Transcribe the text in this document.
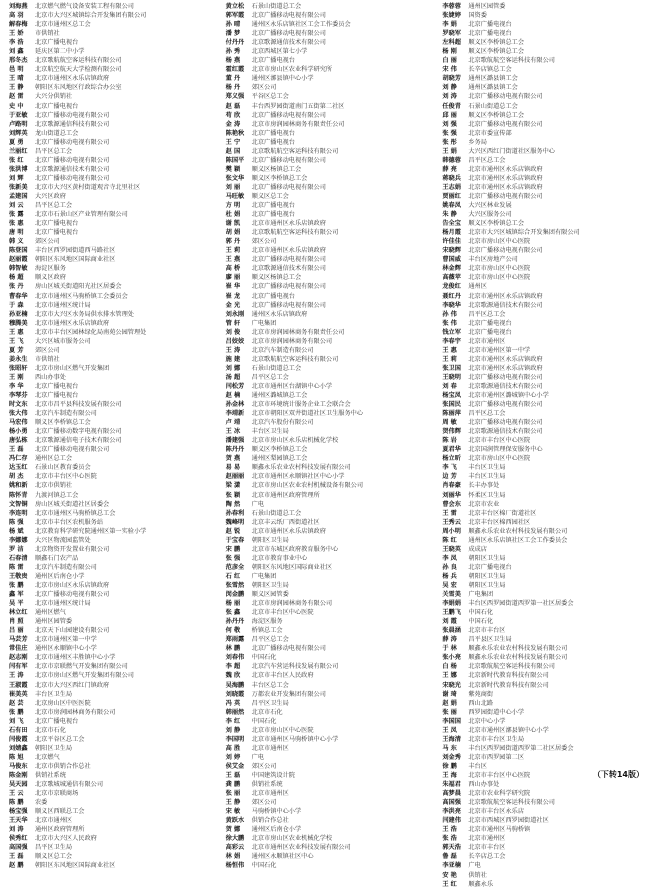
刘海燕	北京燃气燃气设备安装工程有限公司
高 羽	北京市大兴区城镇综合开发集团有限公司
解春梅	北京市通州区总工会
王 娇	市供销社
李 浩	北京广播电视台
刘 鑫	延庆区第二中小学
邢冬杰	北京歌航航空客运科技有限公司
邑 明	北京航空航天大学检测有限公司
王 晴	北京市通州区永乐店镇政府
王 静	朝阳区东风地区行政综合办公室
赵 雷	大兴分供销社
史 中	北京广播电视台
于亚敏	北京广播移动电视有限公司
卢路明	北京歌源通信科技有限公司
刘辉英	龙山街道总工会
夏 勇	北京广播移动电视有限公司
兰丽红	昌平区总工会
张 红	北京广播移动电视有限公司
张洪博	北京歌源通信技术有限公司
刘 辉	北京广播移动电视有限公司
张新美	北京市大兴区黄村街道观音寺北里社区
孟建国	大兴区政府
刘 云	昌平区总工会
张 露	北京市石景山区产业管理有限公司
张 惠	北京广播电视台
唐 明	北京广播电视台
韩 义	郊区公司
陈登国	丰台区西罗园街道西马路社区
赵丽霞	朝阳区东风地区国际商业社区
韩智敏	海淀区服务
杨 超	顺义区政府
张 丹	房山区城关街道阳光社区居委会
曹春华	北京市通州区马驹桥镇工会委员会
于 森	北京市通州区统计局
孙亚楠	北京市大兴区水务局供水排水管理处
穆腾美	北京市通州区永乐店镇政府
王 惠	北京市丰台区园林绿化局南苑公园管理处
王 飞	大兴区城市服务公司
夏 芳	郊区公司
姜永生	市供销社
张昭轩	北京市房山区燃气开发集团
王 刚	西山办事处
李 华	北京广播电视台
李琴芬	北京广播电视台
时文东	北京市昌平县科技发展有限公司
张大伟	北京汽车制造有限公司
马宏伟	顺义区李桥镇总工会
杨小勇	北京广播移动数字电视有限公司
唐弘栋	北京歌源通信电子技术有限公司
王 磊	北京广播移动电视有限公司
冯仁存	通州区总工会
达玉红	石景山区教育委员会
胡 杰	北京市丰台区中心医院
姚和新	北京市供销社
陈怀青	九渡河镇总工会
文智铜	房山区城关街道社区居委会
李连明	北京市通州区马驹桥镇总工会
陈 强	北京市丰台区农机服务站
杨 斌	北京教育科学研究院通州区第一实验小学
李娜娜	大兴区物流园监管处
罗 洁	北京物资开发置业有限公司
石春清	顺鑫石门农产品
陈 雷	北京汽车制造有限公司
王敬贵	通州区后南仓小学
张 鹏	北京市房山区永乐店镇政府
鑫 军	北京广播移动电视有限公司
吴 平	北京市通州区统计局
林立红	通州区燃气
肖 照	通州区园管委
吕 丽	北京天下山园建设有限公司
马芸芳	北京市通州区第一中学
常佳庄	通州区永顺镇中心小学
赵志刚	北京市通州区丰胜镇中心小学
闫有军	北京市京联燃气开发集团有限公司
王 涛	北京市房山区燃气开发集团有限公司
王淑霞	北京市大兴区西红门镇政府
崔美英	丰台区卫生局
赵 芸	北京房山区中医医院
张 鹏	北京市房润园林商务有限公司
刘 飞	北京广播电视台
石有田	北京市石化
闫俊霞	北京平谷区总工会
刘婧鑫	朝阳区卫生局
陈 旭	北京燃气
马俊东	北京市供销合作总社
陈金刚	供销社系统
吴天园	北京歌城城通信有限公司
王 云	北京市京联商场
陈 鹏	农委
杨宝强	顺义区西联总工会
王天华	北京市通州区
刘 涛	通州区政府管理所
侯秀红	北京市大兴区人民政府
高国强	昌平区卫生局
王 磊	顺义区总工会
赵 鹏	朝阳区东风地区国际商业社区
黄立松	石景山街道总工会
郭军霞	北京广播移动电视有限公司
孙 晴	通州区永乐店镇社区工会工作委员会
潘 梦	北京广播移动电视有限公司
付丹丹	北京歌源通信技术有限公司
孙 秀	北京西城区第七小学
杨 燕	北京广播电视台
霍红霞	北京市房山区农业科学研究所
董 丹	通州区漷县镇中心小学
杨 丹	郊区公司
郑义强	平谷区总工会
赵 磊	丰台西罗园街道南门五街第二社区
苟 欣	北京广播移动电视有限公司
金 涛	北京市房润园林商务有限责任公司
陈艳秋	北京广播电视台
王 宁	北京广播电视台
赵 国	北京歌航航空客运科技有限公司
陈国平	北京广播移动电视有限公司
樊 颖	顺义区杨镇总工会
张文华	顺义区李桥镇总工会
刘 丽	北京广播移动电视有限公司
马旺敏	顺义区总工会
方 明	北京广播电视台
杜 娟	北京广播电视台
谢 凯	北京市通州区永乐店镇政府
胡 娟	北京歌航航空客运科技有限公司
郭 丹	郊区公司
王 莉	北京市通州区永乐店镇政府
王 燕	北京广播移动电视有限公司
高 桥	北京歌源通信技术有限公司
廖 丽	顺义区杨镇总工会
崔 华	北京广播移动电视有限公司
崔 龙	北京广播电视台
金 光	北京广播移动电视有限公司
刘永刚	通州区永乐店镇政府
管 轩	广电集团
刘 俊	北京市房润园林商务有限责任公司
吕姣姣	北京市房润园林商务有限公司
王 涛	北京汽车制造有限公司
施 建	北京歌航航空客运科技有限公司
刘 娜	石景山街道总工会
汤 超	昌平区总工会
闫松芳	北京市通州区台湖镇中心小学
赵 楠	通州区潞城镇总工会
孙金林	北京市环境统计服务企业工会联合会
李靖新	北京市朝阳区双井街道社区卫生服务中心
卢 靖	北京汽车股份有限公司
王 冰	丰台区卫生局
潘建强	北京市房山区永乐店机械化学校
陈丹丹	顺义区李桥镇总工会
贺 燕	通州区梨园镇总工会
易 易	顺鑫永乐农业农村科技发展有限公司
赵丽丽	北京市通州区永顺镇社区中心小学
梁 潇	北京市房山区农业农村机械设备有限公司
张 颖	北京市通州区政府管理所
陶 然	广电
孙春利	石景山街道总工会
魏峰明	北京丰云纸厂西街道社区
赵 锐	北京市通州区永乐店镇政府
于宝春	朝阳区卫生局
宋 鹏	北京市东城区政府教育服务中心
张 强	北京市教育事业中心
范彦全	朝阳区东风地区国际商业社区
石 红	广电集团
张雪然	朝阳区卫生局
闵金鹏	顺义区园管委
杨 丽	北京市房润园林商务有限公司
张 鑫	北京市丰台区中心医院
孙丹丹	海淀区服务
何 敬	桥镇总工会
郑雨露	昌平区总工会
林 鹏	北京广播移动电视有限公司
刘春伟	中国石化
李 超	北京汽车营运科技发展有限公司
魏 欣	北京市丰台区人民政府
吴海鹏	丰台区总工会
刘晓霞	万都农业开发集团有限公司
冯 英	昌平区卫生局
韩丽然	北京市石化
李 红	中国石化
刘 静	北京市房山区中心医院
李国明	北京市通州区马驹桥镇中心小学
高 胜	北京市通州区
刘 婷	广电
侯艾金	郊区公司
王 磊	中国建筑设计院
龚 鹏	供销社系统
张 丽	北京市通州区
王 静	郊区公司
宋 敏	马驹桥镇中心小学
黄跃水	供销合作总社
贺 娜	通州区后南仓小学
徐大鹏	北京市房山区农业机械化学校
高彩云	北京市通州区农业科技发展有限公司
林 娟	通州区永顺镇社区中心
杨恒伟	中国石化
李蓉蓉	通州区园管委
张婕婷	国资委
李 娟	北京广播电视台
罗晓军	北京广播电视台
左科超	顺义区李桥镇总工会
杨 刚	顺义区李桥镇总工会
白 丽	北京歌航航空客运科技有限公司
宋 伟	长辛店镇总工会
胡晓芳	通州区潞县镇工会
刘 静	通州区潞县镇工会
刘 涛	北京广播移动电视有限公司
任俊青	石景山街道总工会
邱 丽	顺义区李桥镇总工会
刘 强	北京广播移动电视有限公司
张 强	北京市委宣传部
张 彤	乡务局
王 娟	大兴区西红门街道社区服务中心
韩德蓉	昌平区总工会
薛 亮	北京市通州区永乐店镇政府
蒋晓兵	北京市通州区永乐店镇政府
王志娟	北京市通州区永乐店镇政府
贾丽红	北京广播移动电视有限公司
姚春凤	大兴区林业发展
朱 静	大兴区服务公司
告全宝	顺义区李桥镇总工会
杨月霞	北京市大兴区城镇综合开发集团有限公司
许佳佳	北京市房山区中心医院
宋晓辉	北京广播移动电视有限公司
曹国威	丰台区房地产公司
林金辉	北京市房山区中心医院
高薇苹	北京市房山区中心医院
龙俊红	通州区
聂红丹	北京市通州区永乐店镇政府
李晓华	北京歌源通信技术有限公司
孙 伟	昌平区总工会
张 伟	北京广播电视台
钱立军	北京广播电视台
李春宇	北京市通州区
王 惠	北京市通州区第一中学
王 莉	北京市通州区永乐店镇政府
张卫国	北京市通州区永乐店镇政府
王晓明	北京广播移动电视有限公司
刘 春	北京歌源通信技术有限公司
杨宝凤	北京市通州区潞城镇中心小学
张国民	北京广播移动电视有限公司
陈丽萍	昌平区总工会
周 敏	北京广播移动电视有限公司
贺伟辉	北京歌源通信技术有限公司
陈 岩	北京市丰台区中心医院
夏君华	北京国润管理保安服务中心
杨立昕	北京市房山区中心医院
李 飞	丰台区卫生局
边 芳	丰台区卫生局
肖春豪	长丰办事处
刘丽华	怀柔区卫生局
曹会东	北京市农业
王 雷	北京丰台区棉厂街道社区
王秀云	北京丰台区棉西园社区
周小明	顺鑫永乐农业农村科技发展有限公司
陈 红	通州区永乐店镇社区工会工作委员会
王晓英	成成店
李 凤	朝阳区卫生局
孙 良	北京广播电视台
杨 兵	朝阳区卫生局
吴 宏	朝阳区卫生局
关雪美	广电集团
李娟娟	丰台区西罗园街道西罗第一社区居委会
王鹏飞	中国石化
刘 霞	中国石化
张晨涵	北京市丰台区
薛 涛	昌平县区卫生局
于 林	顺鑫永乐农业农村科技发展有限公司
张小亮	顺鑫永乐农业农村科技发展有限公司
白 杨	北京歌航航空客运科技有限公司
王 娜	北京新时代教育科技有限公司
宋晓光	北京新时代教育科技有限公司
谢 琦	紫苑商街
赵 娟	西山北路
张 丽	西罗园街道中心小学
李国国	北京中心小学
王 凤	北京市通州区漷县镇中心小学
王海清	北京市丰台区卫生局
马 东	丰台区西罗园街道西罗第二社区居委会
刘金秀	北京市西罗园第二区
徐 鹏	丰台区
王 海	北京市丰台区中心医院
朱福君	西山办事处
高梦晨	北京市农业科学研究院
高国强	北京歌航航空客运科技有限公司
李洪亮	北京市丰台区永乐店
闫建伟	北京市西城区西罗园街道社区
王 浩	北京市通州区马驹桥镇
张 浩	北京市通州区
郭天浩	北京市丰台区
鲁 磊	长辛店总工会
李亚楠	广电
安 艳	供销社
王 红	顺鑫永乐
（下转14版）
